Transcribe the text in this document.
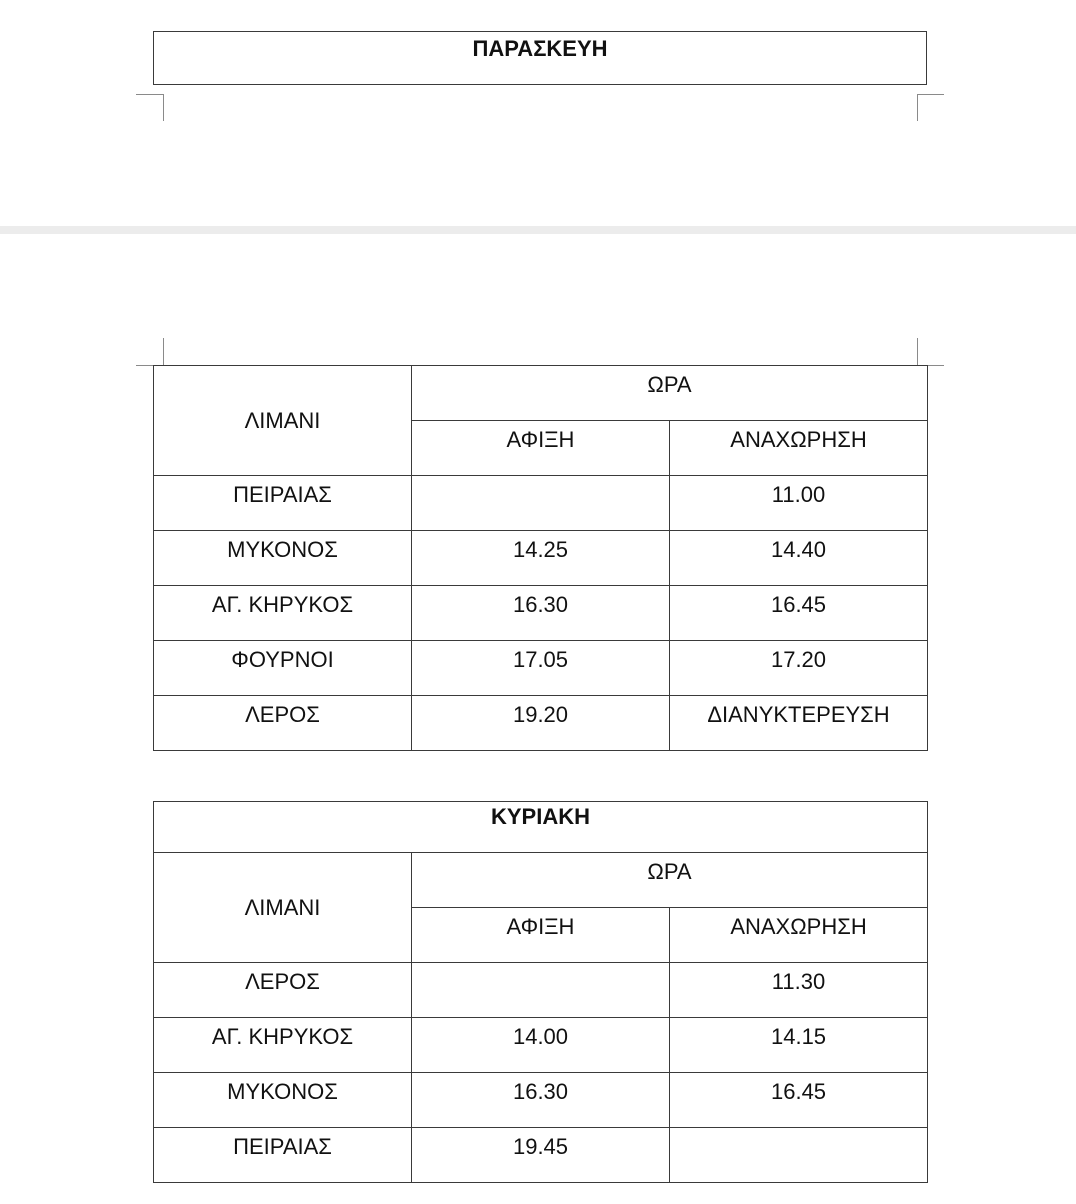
ΠΑΡΑΣΚΕΥΗ
ΛΙΜΑΝΙ	ΩΡΑ	
	ΑΦΙΞΗ	ΑΝΑΧΩΡΗΣΗ
ΠΕΙΡΑΙΑΣ		11.00
ΜΥΚΟΝΟΣ	14.25	14.40
ΑΓ. ΚΗΡΥΚΟΣ	16.30	16.45
ΦΟΥΡΝΟΙ	17.05	17.20
ΛΕΡΟΣ	19.20	ΔΙΑΝΥΚΤΕΡΕΥΣΗ
ΚΥΡΙΑΚΗ		
ΛΙΜΑΝΙ	ΩΡΑ	
	ΑΦΙΞΗ	ΑΝΑΧΩΡΗΣΗ
ΛΕΡΟΣ		11.30
ΑΓ. ΚΗΡΥΚΟΣ	14.00	14.15
ΜΥΚΟΝΟΣ	16.30	16.45
ΠΕΙΡΑΙΑΣ	19.45	
